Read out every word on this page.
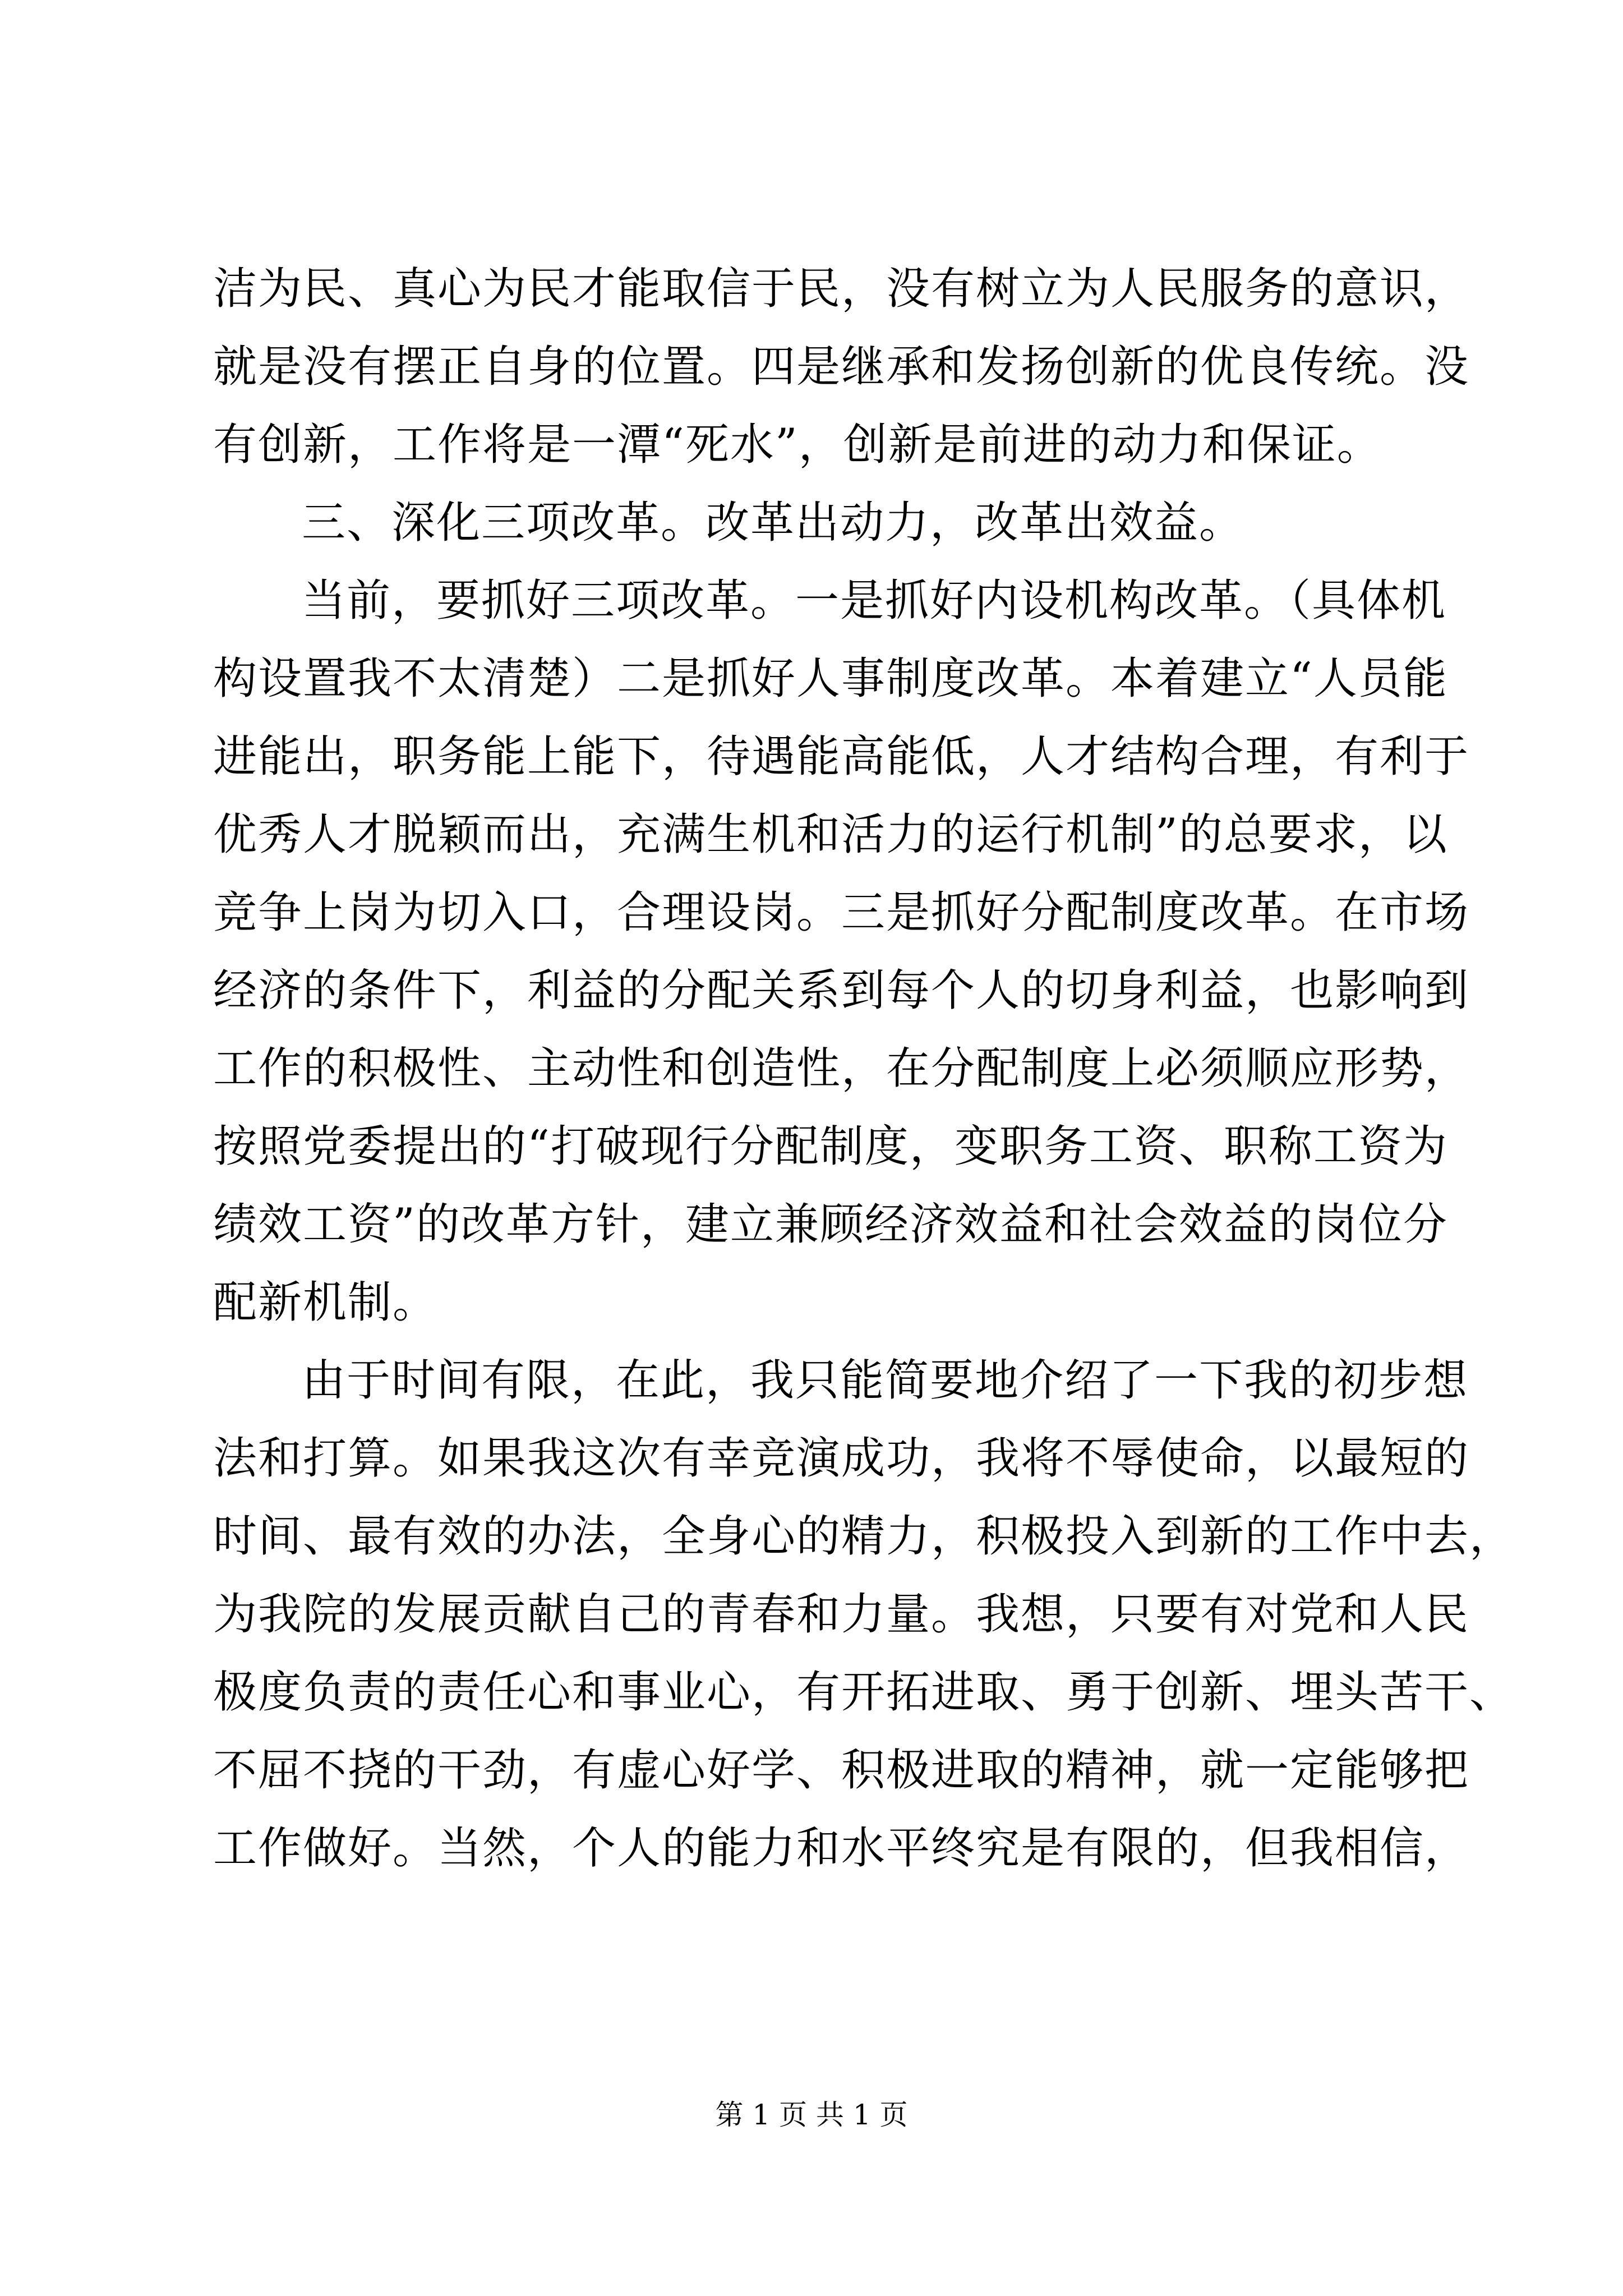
洁为民、真心为民才能取信于民，没有树立为人民服务的意识，
就是没有摆正自身的位置。四是继承和发扬创新的优良传统。没
有创新，工作将是一潭“死水”，创新是前进的动力和保证。
三、深化三项改革。改革出动力，改革出效益。
当前，要抓好三项改革。一是抓好内设机构改革。（具体机
构设置我不太清楚）二是抓好人事制度改革。本着建立“人员能
进能出，职务能上能下，待遇能高能低，人才结构合理，有利于
优秀人才脱颖而出，充满生机和活力的运行机制”的总要求，以
竞争上岗为切入口，合理设岗。三是抓好分配制度改革。在市场
经济的条件下，利益的分配关系到每个人的切身利益，也影响到
工作的积极性、主动性和创造性，在分配制度上必须顺应形势，
按照党委提出的“打破现行分配制度，变职务工资、职称工资为
绩效工资”的改革方针，建立兼顾经济效益和社会效益的岗位分
配新机制。
由于时间有限，在此，我只能简要地介绍了一下我的初步想
法和打算。如果我这次有幸竞演成功，我将不辱使命，以最短的
时间、最有效的办法，全身心的精力，积极投入到新的工作中去，
为我院的发展贡献自己的青春和力量。我想，只要有对党和人民
极度负责的责任心和事业心，有开拓进取、勇于创新、埋头苦干、
不屈不挠的干劲，有虚心好学、积极进取的精神，就一定能够把
工作做好。当然，个人的能力和水平终究是有限的，但我相信，
第 1 页 共 1 页
